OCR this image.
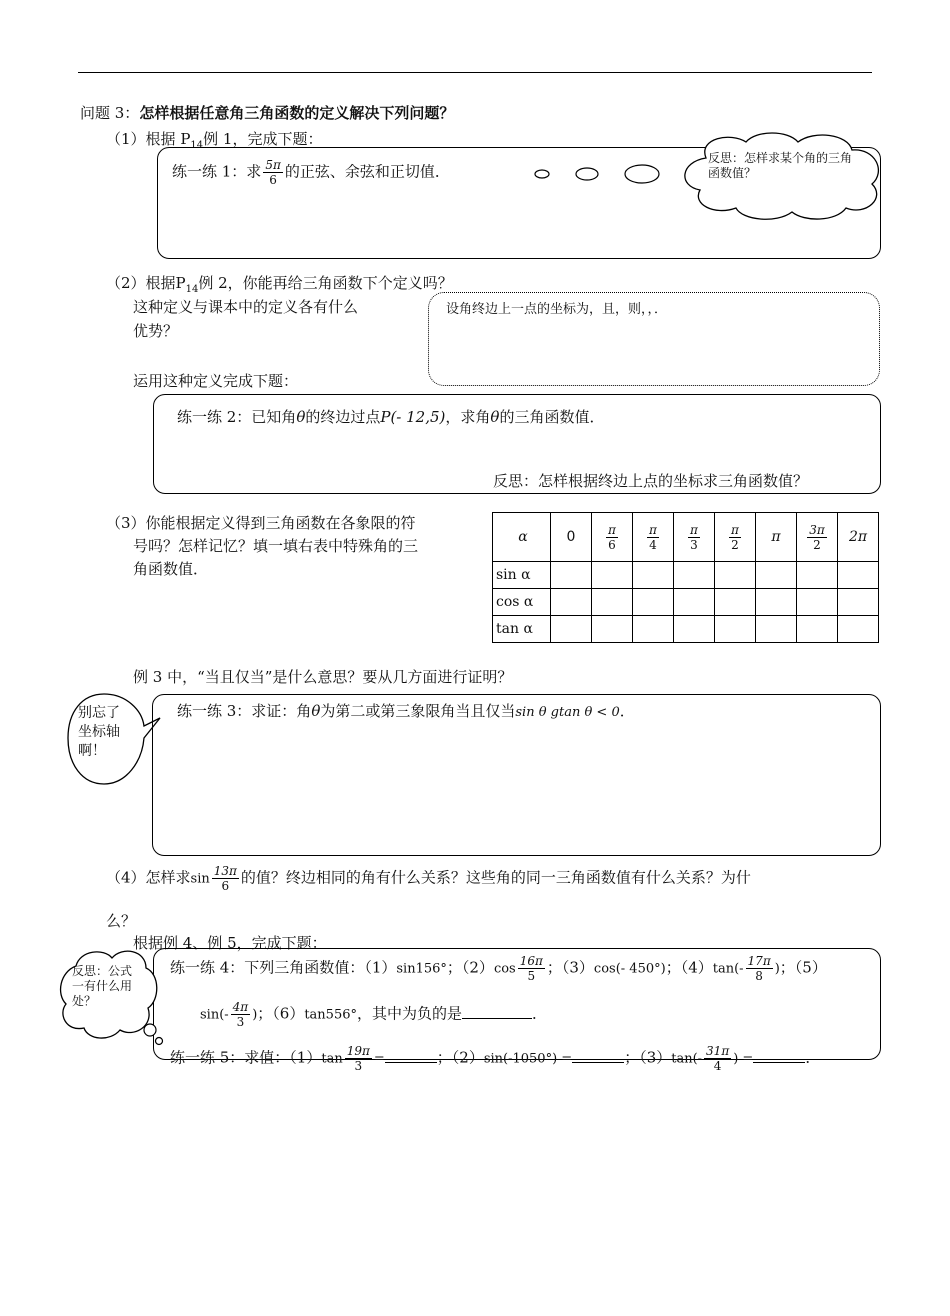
问题 3：怎样根据任意角三角函数的定义解决下列问题？
（1）根据 $P_{14}$例 1，完成下题：
练一练 1：求 $\frac{5\pi}{6}$ 的正弦、余弦和正切值．
反思：怎样求某个角的三角函数值？
（2）根据$P_{14}$例 2，你能再给三角函数下个定义吗？
这种定义与课本中的定义各有什么
优势？
设角终边上一点的坐标为，且，则，，．
运用这种定义完成下题：
练一练 2：已知角θ的终边过点P(- 12,5)，求角θ的三角函数值．
反思：怎样根据终边上点的坐标求三角函数值？
（3）你能根据定义得到三角函数在各象限的符
号吗？怎样记忆？填一填右表中特殊角的三
角函数值．
α	0	$\frac{\pi}{6}$	$\frac{\pi}{4}$	$\frac{\pi}{3}$	$\frac{\pi}{2}$	π	$\frac{3\pi}{2}$	2π
sin α								
cos α								
tan α								
例 3 中，“当且仅当”是什么意思？要从几方面进行证明？
别忘了坐标轴啊！
练一练 3：求证：角θ为第二或第三象限角当且仅当sin θ gtan θ < 0．
（4）怎样求$\sin \frac{13\pi}{6}$ 的值？终边相同的角有什么关系？这些角的同一三角函数值有什么关系？为什
么？
根据例 4、例 5，完成下题：
反思：公式一有什么用处？
练一练 4：下列三角函数值：（1）sin156°；$(2)\cos \frac{16\pi}{5}$ ；（3）cos(- 450°)；$(4)\tan(- \frac{17\pi}{8}$ )；（5）
$\sin(- \frac{4\pi}{3}$ )；（6）tan556°，其中为负的是	．
练一练 5：求值：$(1)\tan \frac{19\pi}{3}$ =	；（2）sin(-1050°) =	；$(3)\tan(- \frac{31\pi}{4}$ ) =	．
